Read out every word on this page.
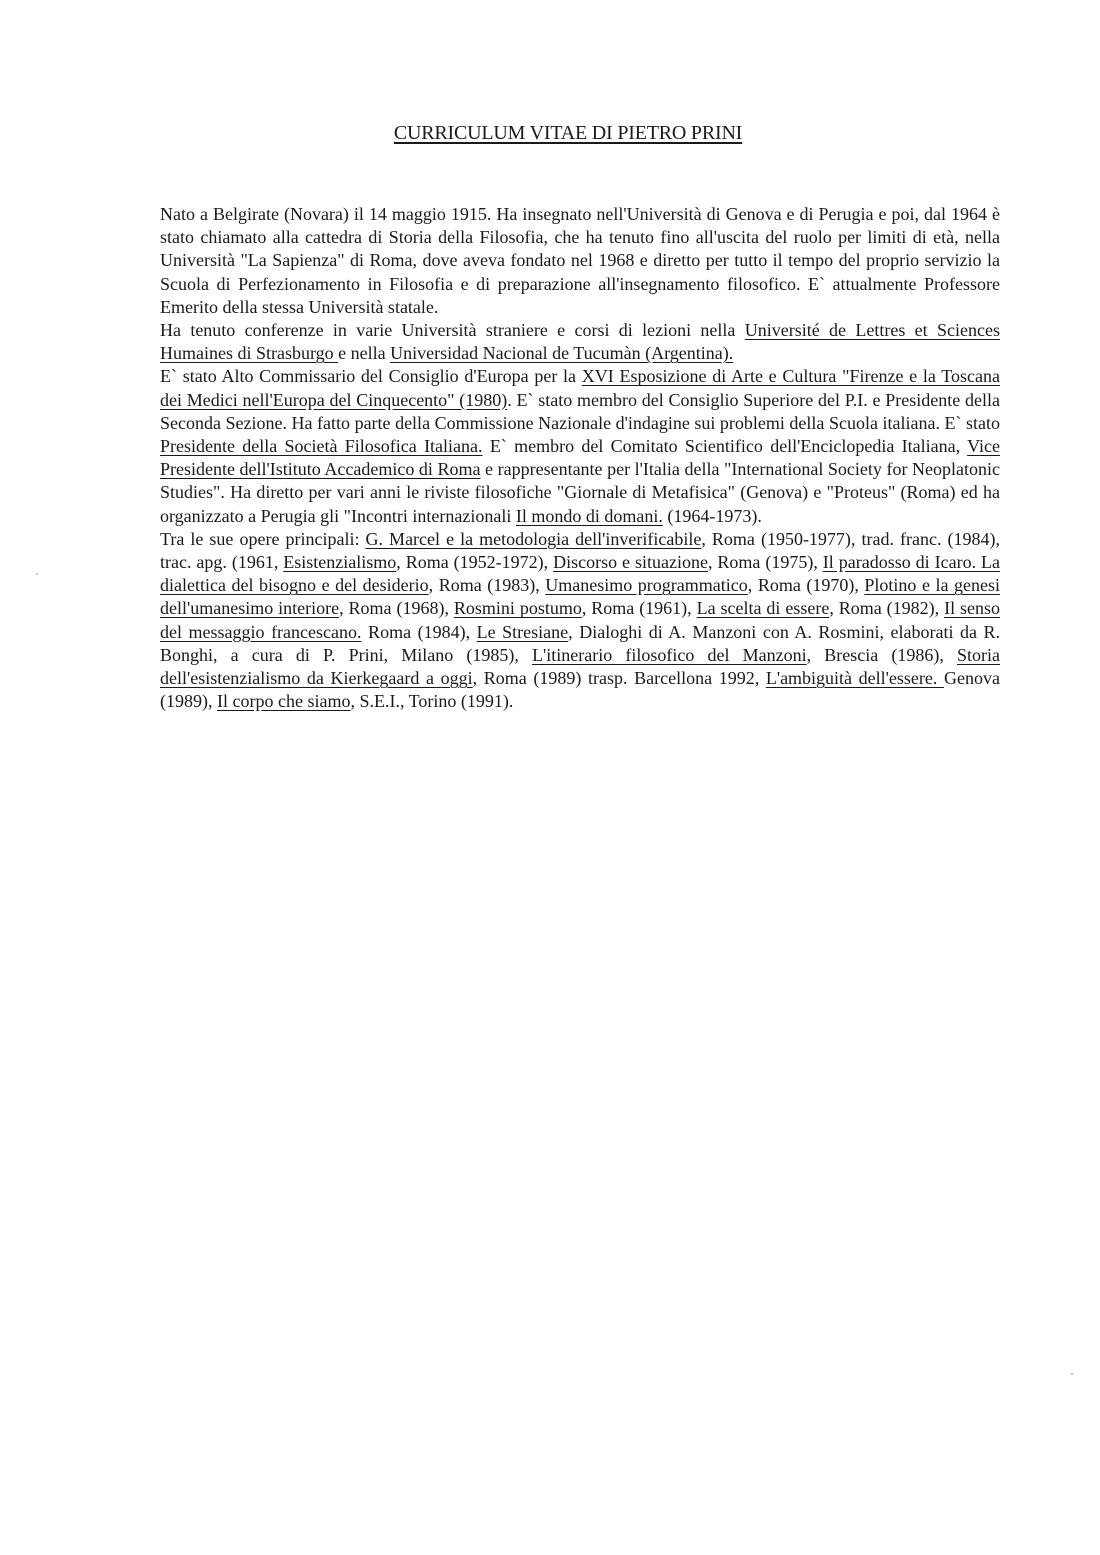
CURRICULUM VITAE DI PIETRO PRINI

Nato a Belgirate (Novara) il 14 maggio 1915. Ha insegnato nell'Università di Genova e di Perugia e poi, dal 1964 è stato chiamato alla cattedra di Storia della Filosofia, che ha tenuto fino all'uscita del ruolo per limiti di età, nella Università "La Sapienza" di Roma, dove aveva fondato nel 1968 e diretto per tutto il tempo del proprio servizio la Scuola di Perfezionamento in Filosofia e di preparazione all'insegnamento filosofico. E` attualmente Professore Emerito della stessa Università statale.

Ha tenuto conferenze in varie Università straniere e corsi di lezioni nella Université de Lettres et Sciences Humaines di Strasburgo e nella Universidad Nacional de Tucumàn (Argentina).

E` stato Alto Commissario del Consiglio d'Europa per la XVI Esposizione di Arte e Cultura "Firenze e la Toscana dei Medici nell'Europa del Cinquecento" (1980). E` stato membro del Consiglio Superiore del P.I. e Presidente della Seconda Sezione. Ha fatto parte della Commissione Nazionale d'indagine sui problemi della Scuola italiana. E` stato Presidente della Società Filosofica Italiana. E` membro del Comitato Scientifico dell'Enciclopedia Italiana, Vice Presidente dell'Istituto Accademico di Roma e rappresentante per l'Italia della "International Society for Neoplatonic Studies". Ha diretto per vari anni le riviste filosofiche "Giornale di Metafisica" (Genova) e "Proteus" (Roma) ed ha organizzato a Perugia gli "Incontri internazionali Il mondo di domani. (1964-1973).

Tra le sue opere principali: G. Marcel e la metodologia dell'inverificabile, Roma (1950-1977), trad. franc. (1984), trac. apg. (1961, Esistenzialismo, Roma (1952-1972), Discorso e situazione, Roma (1975), Il paradosso di Icaro. La dialettica del bisogno e del desiderio, Roma (1983), Umanesimo programmatico, Roma (1970), Plotino e la genesi dell'umanesimo interiore, Roma (1968), Rosmini postumo, Roma (1961), La scelta di essere, Roma (1982), Il senso del messaggio francescano. Roma (1984), Le Stresiane, Dialoghi di A. Manzoni con A. Rosmini, elaborati da R. Bonghi, a cura di P. Prini, Milano (1985), L'itinerario filosofico del Manzoni, Brescia (1986), Storia dell'esistenzialismo da Kierkegaard a oggi, Roma (1989) trasp. Barcellona 1992, L'ambiguità dell'essere. Genova (1989), Il corpo che siamo, S.E.I., Torino (1991).
